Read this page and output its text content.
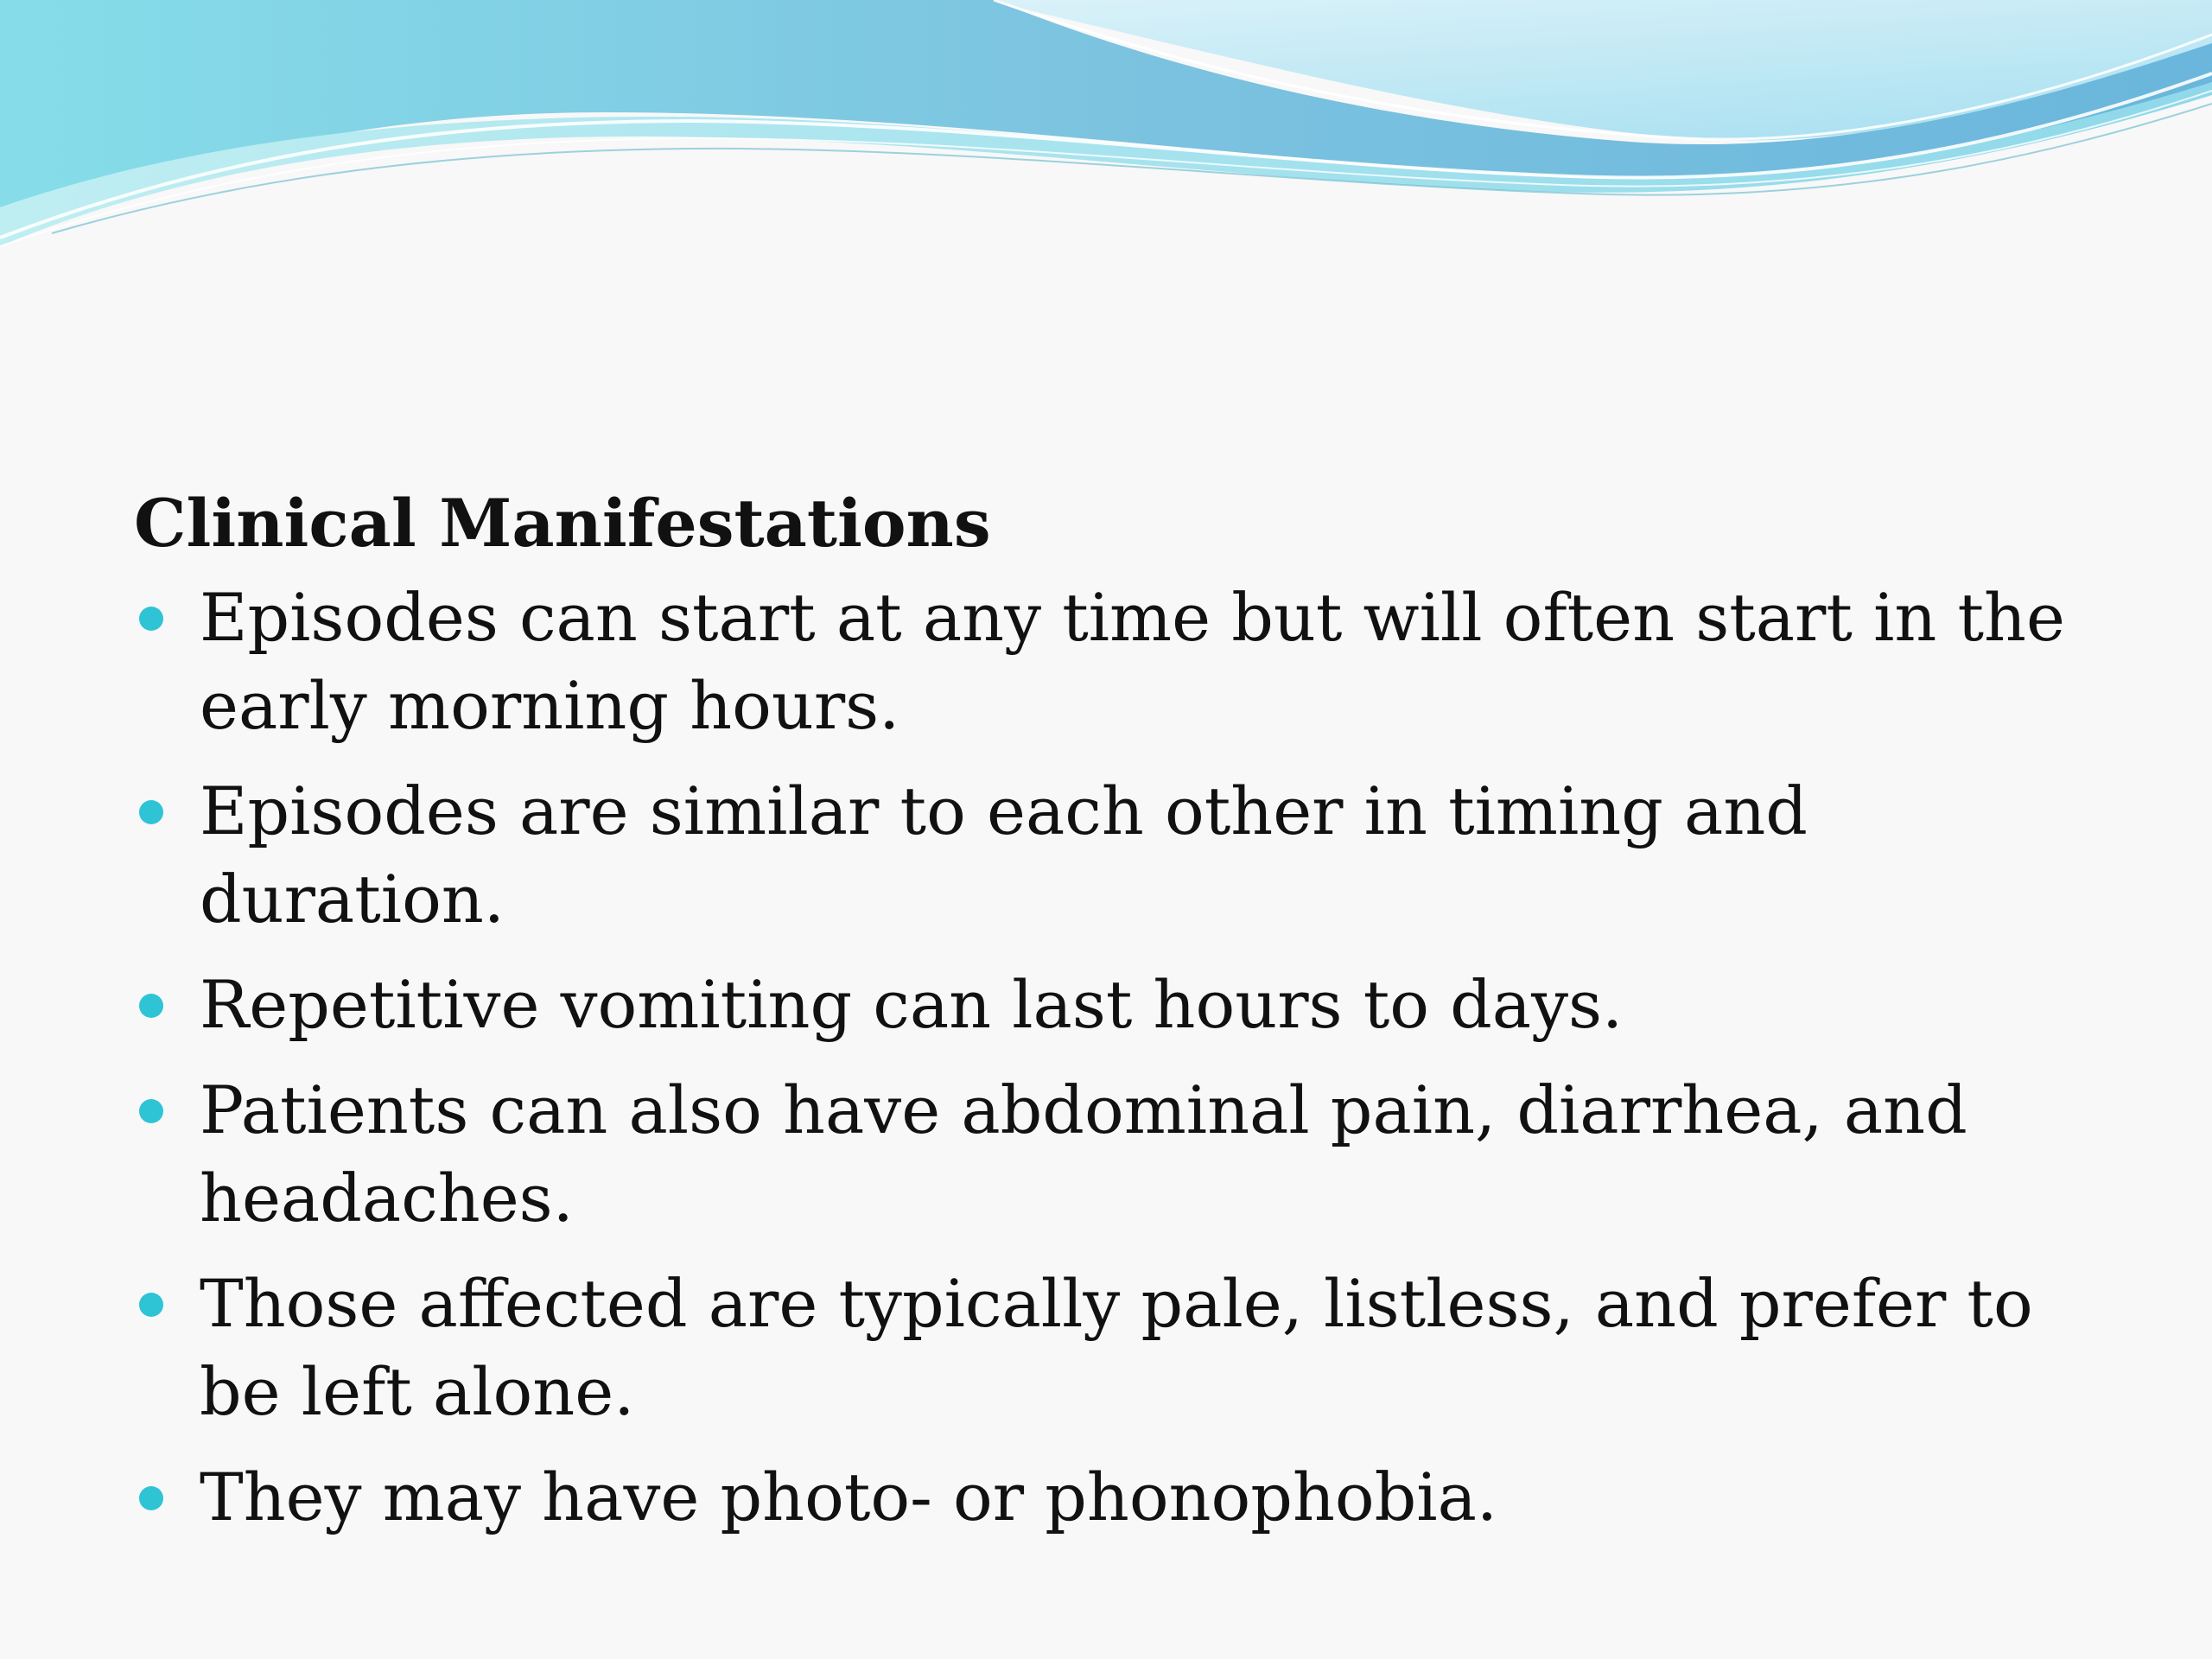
Clinical Manifestations
Episodes can start at any time but will often start in the early morning hours.
Episodes are similar to each other in timing and duration.
Repetitive vomiting can last hours to days.
Patients can also have abdominal pain, diarrhea, and headaches.
Those affected are typically pale, listless, and prefer to be left alone.
They may have photo- or phonophobia.
